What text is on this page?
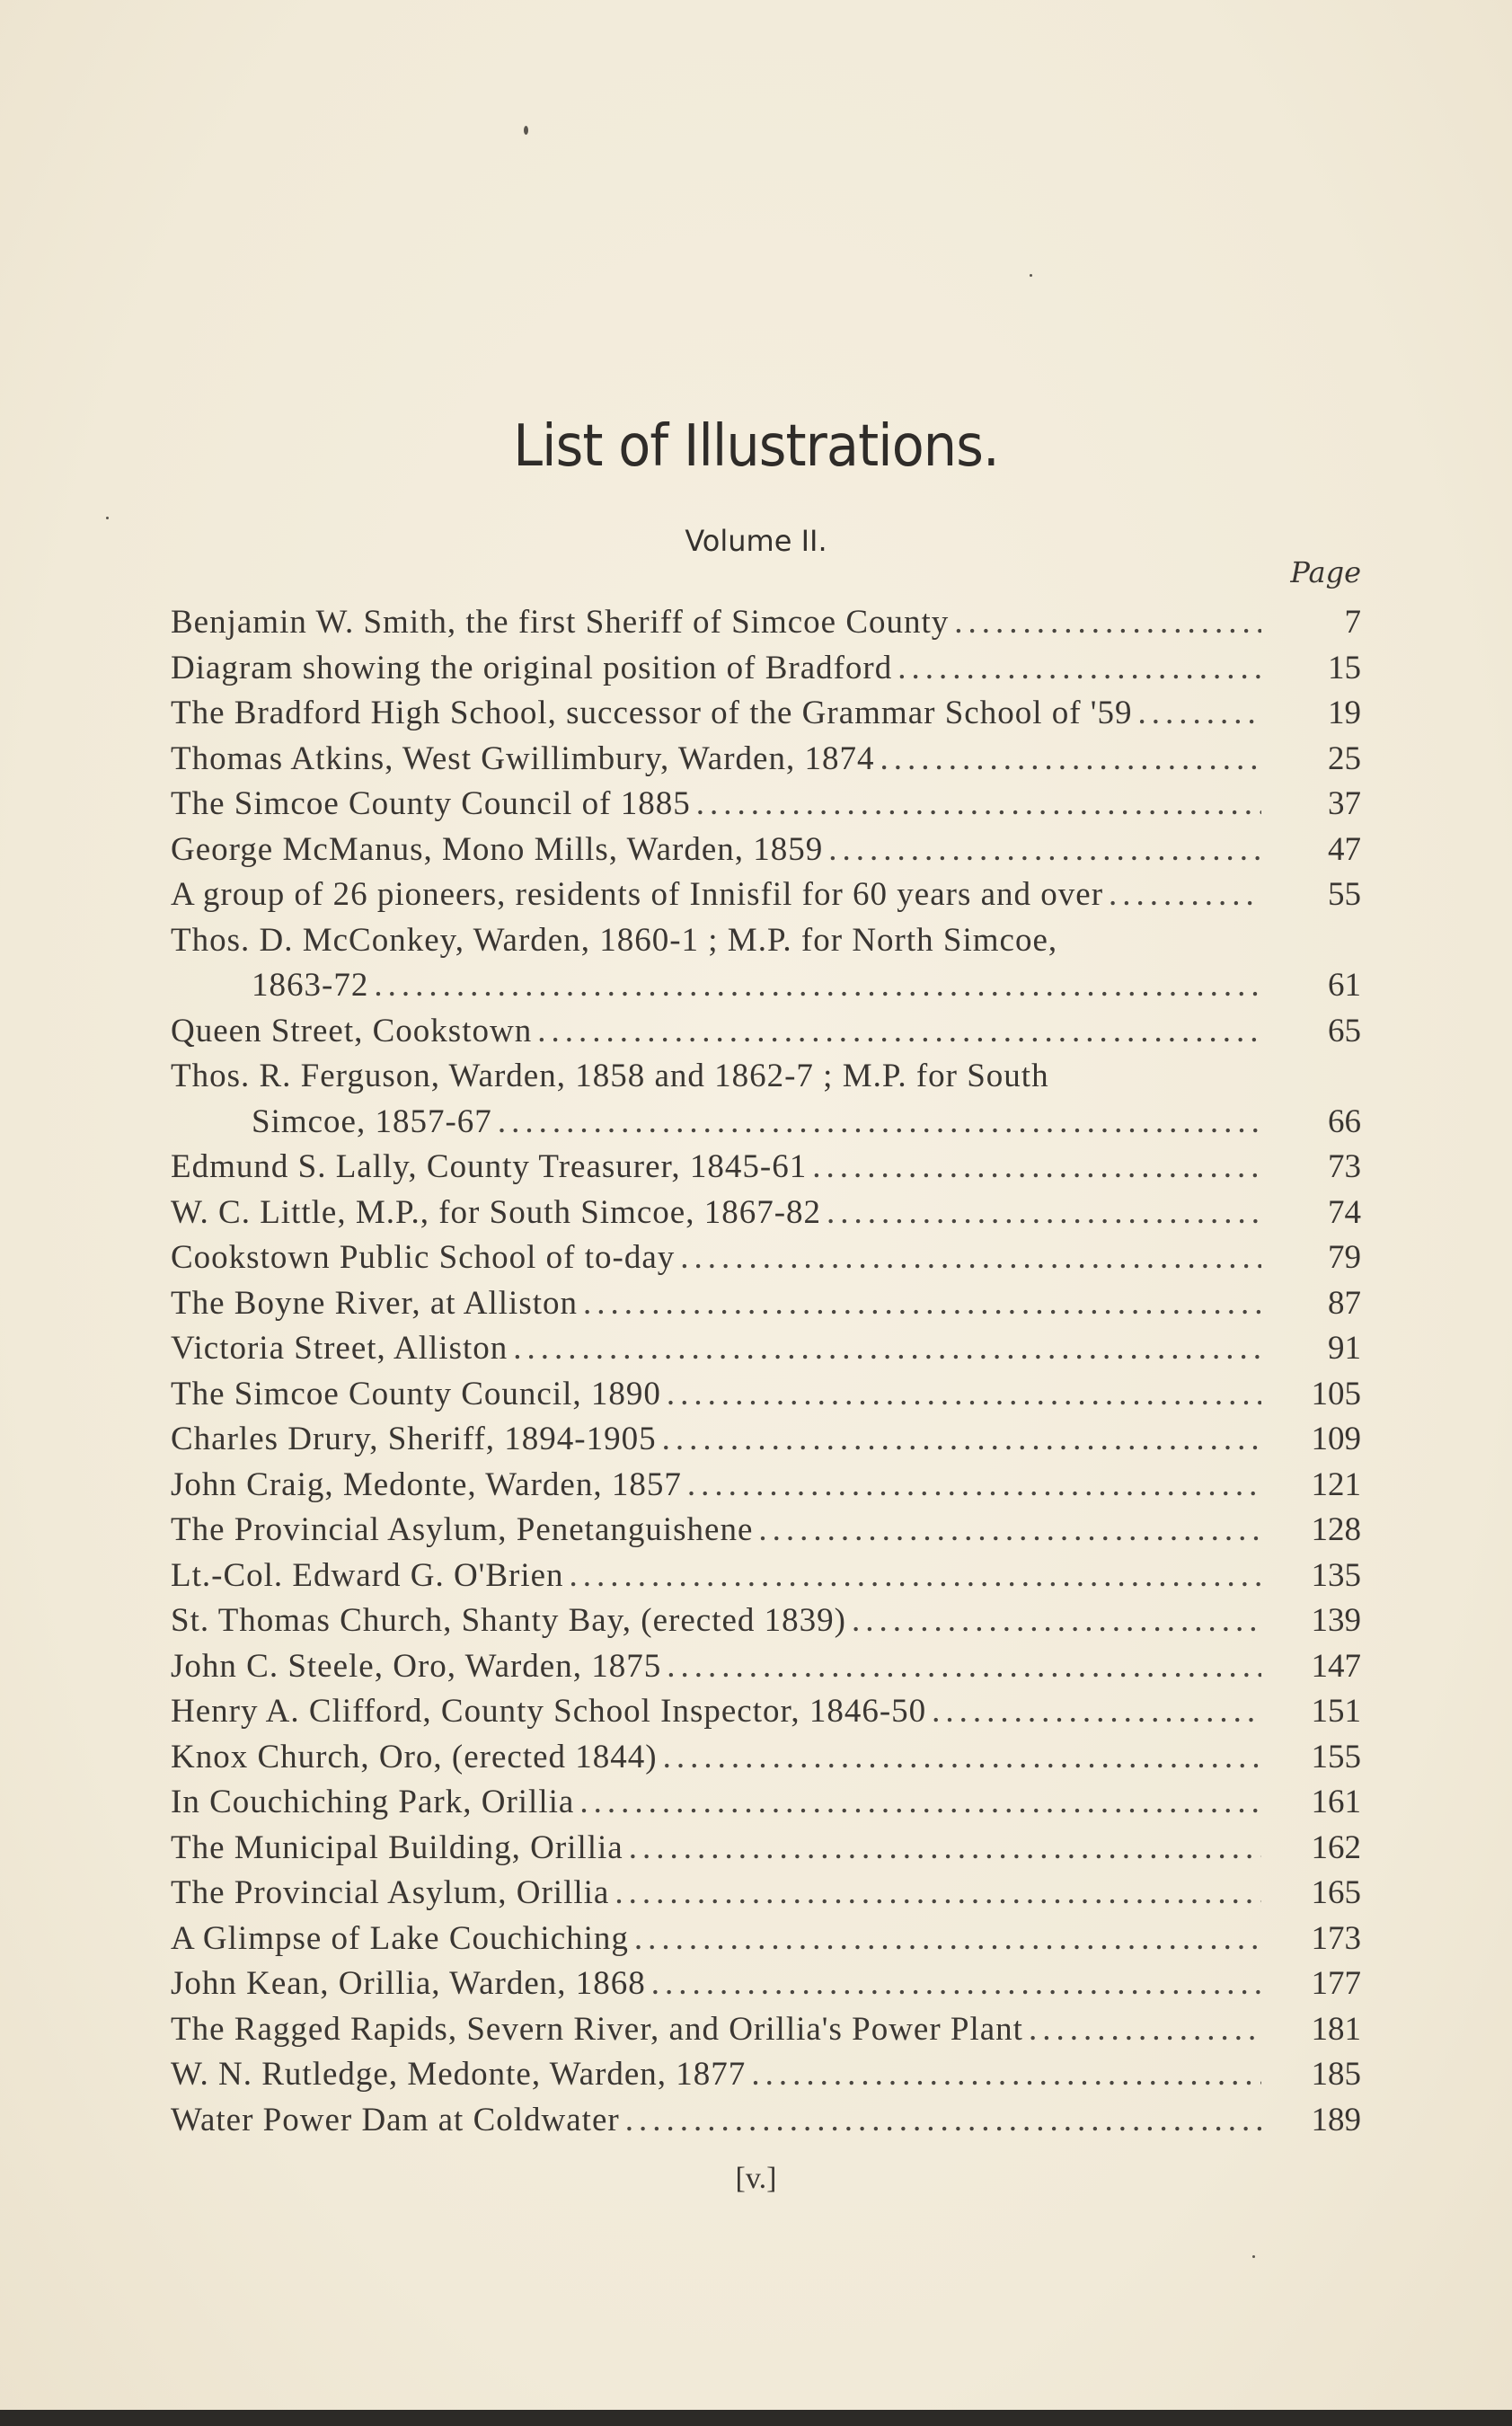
List of Illustrations.
Volume II.
Page
Benjamin W. Smith, the first Sheriff of Simcoe County .....	7
Diagram showing the original position of Bradford .....	15
The Bradford High School, successor of the Grammar School of '59 .....	19
Thomas Atkins, West Gwillimbury, Warden, 1874 .....	25
The Simcoe County Council of 1885 .....	37
George McManus, Mono Mills, Warden, 1859 .....	47
A group of 26 pioneers, residents of Innisfil for 60 years and over .....	55
Thos. D. McConkey, Warden, 1860-1 ; M.P. for North Simcoe,
1863-72 .....	61
Queen Street, Cookstown .....	65
Thos. R. Ferguson, Warden, 1858 and 1862-7 ; M.P. for South
Simcoe, 1857-67 .....	66
Edmund S. Lally, County Treasurer, 1845-61 .....	73
W. C. Little, M.P., for South Simcoe, 1867-82 .....	74
Cookstown Public School of to-day .....	79
The Boyne River, at Alliston .....	87
Victoria Street, Alliston .....	91
The Simcoe County Council, 1890 .....	105
Charles Drury, Sheriff, 1894-1905 .....	109
John Craig, Medonte, Warden, 1857 .....	121
The Provincial Asylum, Penetanguishene .....	128
Lt.-Col. Edward G. O'Brien .....	135
St. Thomas Church, Shanty Bay, (erected 1839) .....	139
John C. Steele, Oro, Warden, 1875 .....	147
Henry A. Clifford, County School Inspector, 1846-50 .....	151
Knox Church, Oro, (erected 1844) .....	155
In Couchiching Park, Orillia .....	161
The Municipal Building, Orillia .....	162
The Provincial Asylum, Orillia .....	165
A Glimpse of Lake Couchiching .....	173
John Kean, Orillia, Warden, 1868 .....	177
The Ragged Rapids, Severn River, and Orillia's Power Plant .....	181
W. N. Rutledge, Medonte, Warden, 1877 .....	185
Water Power Dam at Coldwater .....	189
[v.]
